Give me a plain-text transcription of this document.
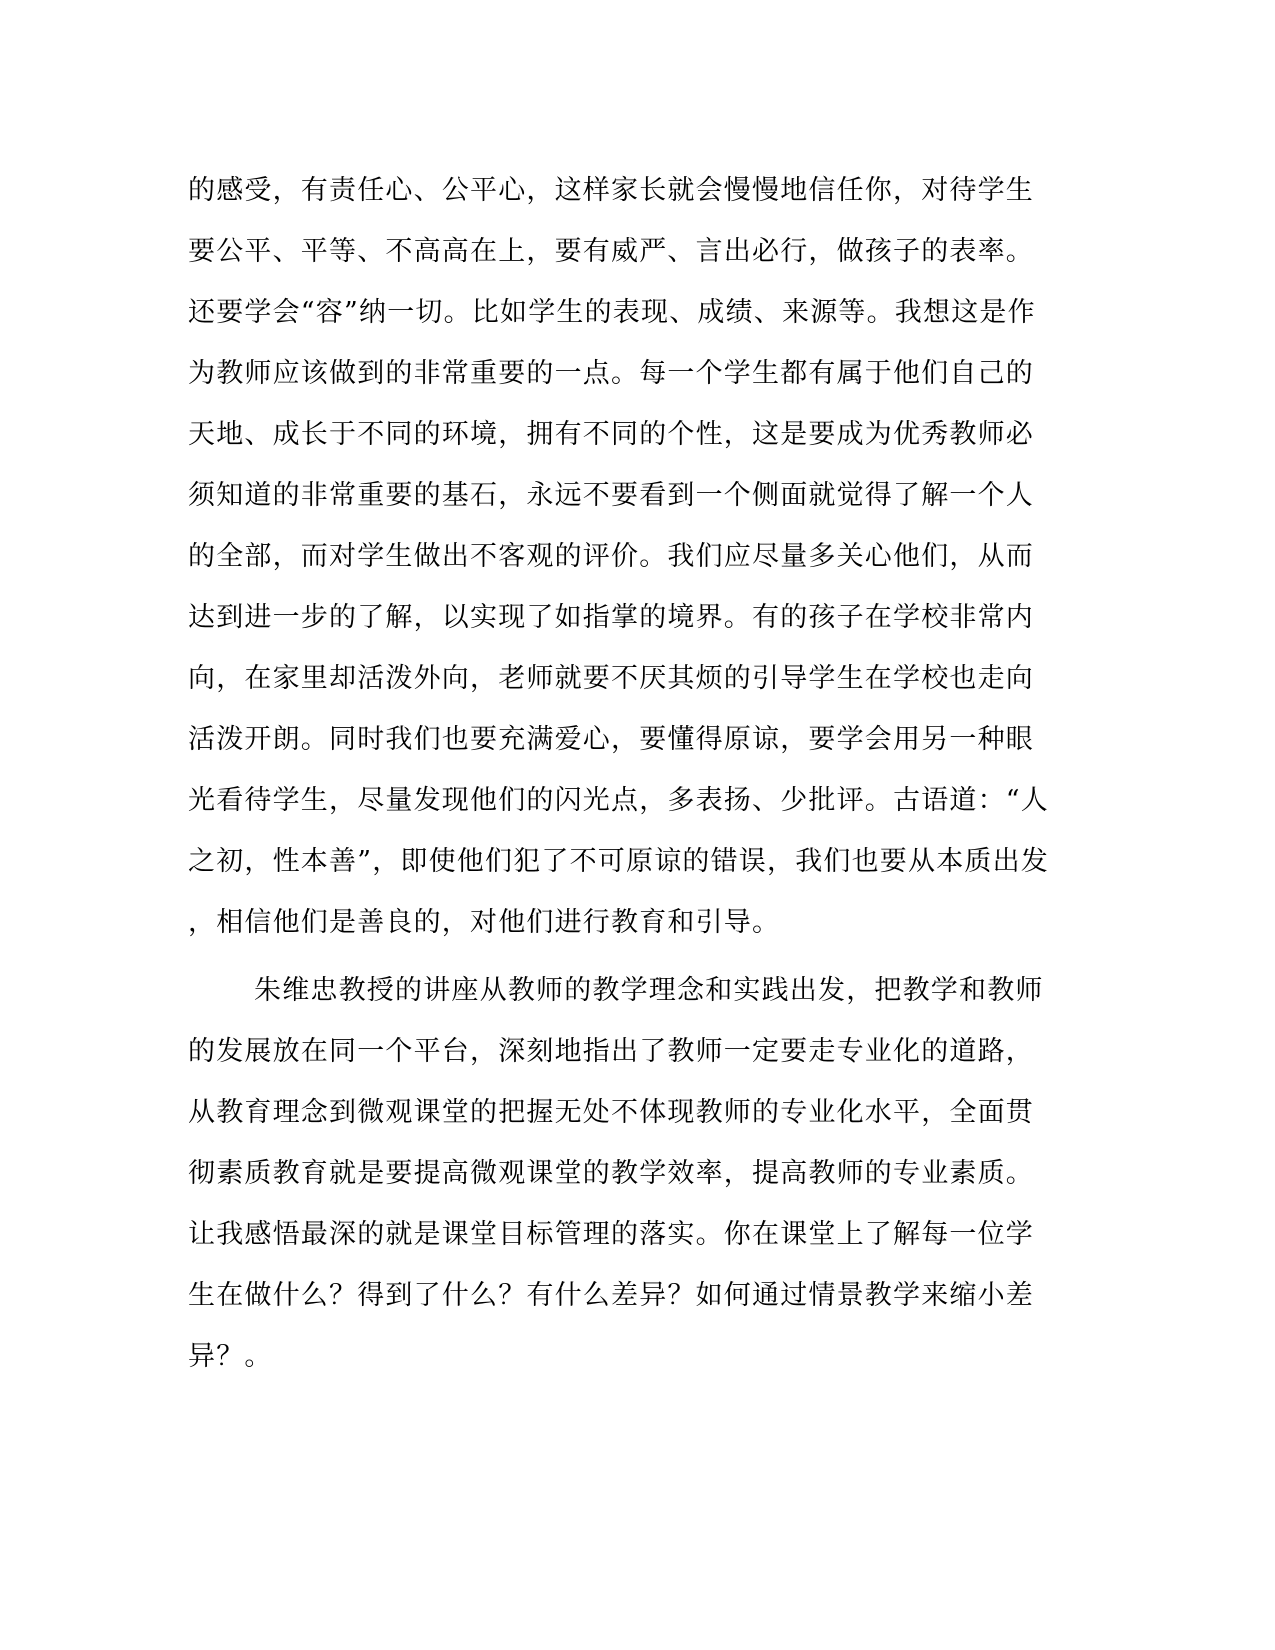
的感受，有责任心、公平心，这样家长就会慢慢地信任你，对待学生
要公平、平等、不高高在上，要有威严、言出必行，做孩子的表率。
还要学会“容”纳一切。比如学生的表现、成绩、来源等。我想这是作
为教师应该做到的非常重要的一点。每一个学生都有属于他们自己的
天地、成长于不同的环境，拥有不同的个性，这是要成为优秀教师必
须知道的非常重要的基石，永远不要看到一个侧面就觉得了解一个人
的全部，而对学生做出不客观的评价。我们应尽量多关心他们，从而
达到进一步的了解，以实现了如指掌的境界。有的孩子在学校非常内
向，在家里却活泼外向，老师就要不厌其烦的引导学生在学校也走向
活泼开朗。同时我们也要充满爱心，要懂得原谅，要学会用另一种眼
光看待学生，尽量发现他们的闪光点，多表扬、少批评。古语道：“人
之初，性本善”，即使他们犯了不可原谅的错误，我们也要从本质出发
，相信他们是善良的，对他们进行教育和引导。
朱维忠教授的讲座从教师的教学理念和实践出发，把教学和教师
的发展放在同一个平台，深刻地指出了教师一定要走专业化的道路，
从教育理念到微观课堂的把握无处不体现教师的专业化水平，全面贯
彻素质教育就是要提高微观课堂的教学效率，提高教师的专业素质。
让我感悟最深的就是课堂目标管理的落实。你在课堂上了解每一位学
生在做什么？得到了什么？有什么差异？如何通过情景教学来缩小差
异？。
